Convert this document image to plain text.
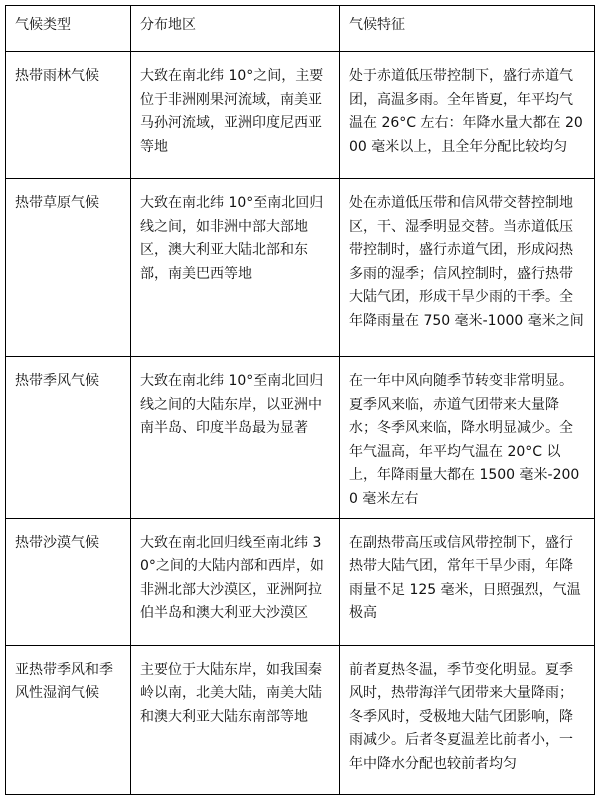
气候类型	分布地区	气候特征
热带雨林气候	大致在南北纬 10°之间，主要位于非洲刚果河流域，南美亚马孙河流域，亚洲印度尼西亚等地	处于赤道低压带控制下，盛行赤道气团，高温多雨。全年皆夏，年平均气温在 26°C 左右：年降水量大都在 2000 毫米以上，且全年分配比较均匀
热带草原气候	大致在南北纬 10°至南北回归线之间，如非洲中部大部地区，澳大利亚大陆北部和东部，南美巴西等地	处在赤道低压带和信风带交替控制地区，干、湿季明显交替。当赤道低压带控制时，盛行赤道气团，形成闷热多雨的湿季；信风控制时，盛行热带大陆气团，形成干旱少雨的干季。全年降雨量在 750 毫米-1000 毫米之间
热带季风气候	大致在南北纬 10°至南北回归线之间的大陆东岸，以亚洲中南半岛、印度半岛最为显著	在一年中风向随季节转变非常明显。夏季风来临，赤道气团带来大量降水；冬季风来临，降水明显减少。全年气温高，年平均气温在 20°C 以上，年降雨量大都在 1500 毫米-2000 毫米左右
热带沙漠气候	大致在南北回归线至南北纬 30°之间的大陆内部和西岸，如非洲北部大沙漠区，亚洲阿拉伯半岛和澳大利亚大沙漠区	在副热带高压或信风带控制下，盛行热带大陆气团，常年干旱少雨，年降雨量不足 125 毫米，日照强烈，气温极高
亚热带季风和季风性湿润气候	主要位于大陆东岸，如我国秦岭以南，北美大陆，南美大陆和澳大利亚大陆东南部等地	前者夏热冬温，季节变化明显。夏季风时，热带海洋气团带来大量降雨；冬季风时，受极地大陆气团影响，降雨减少。后者冬夏温差比前者小，一年中降水分配也较前者均匀
